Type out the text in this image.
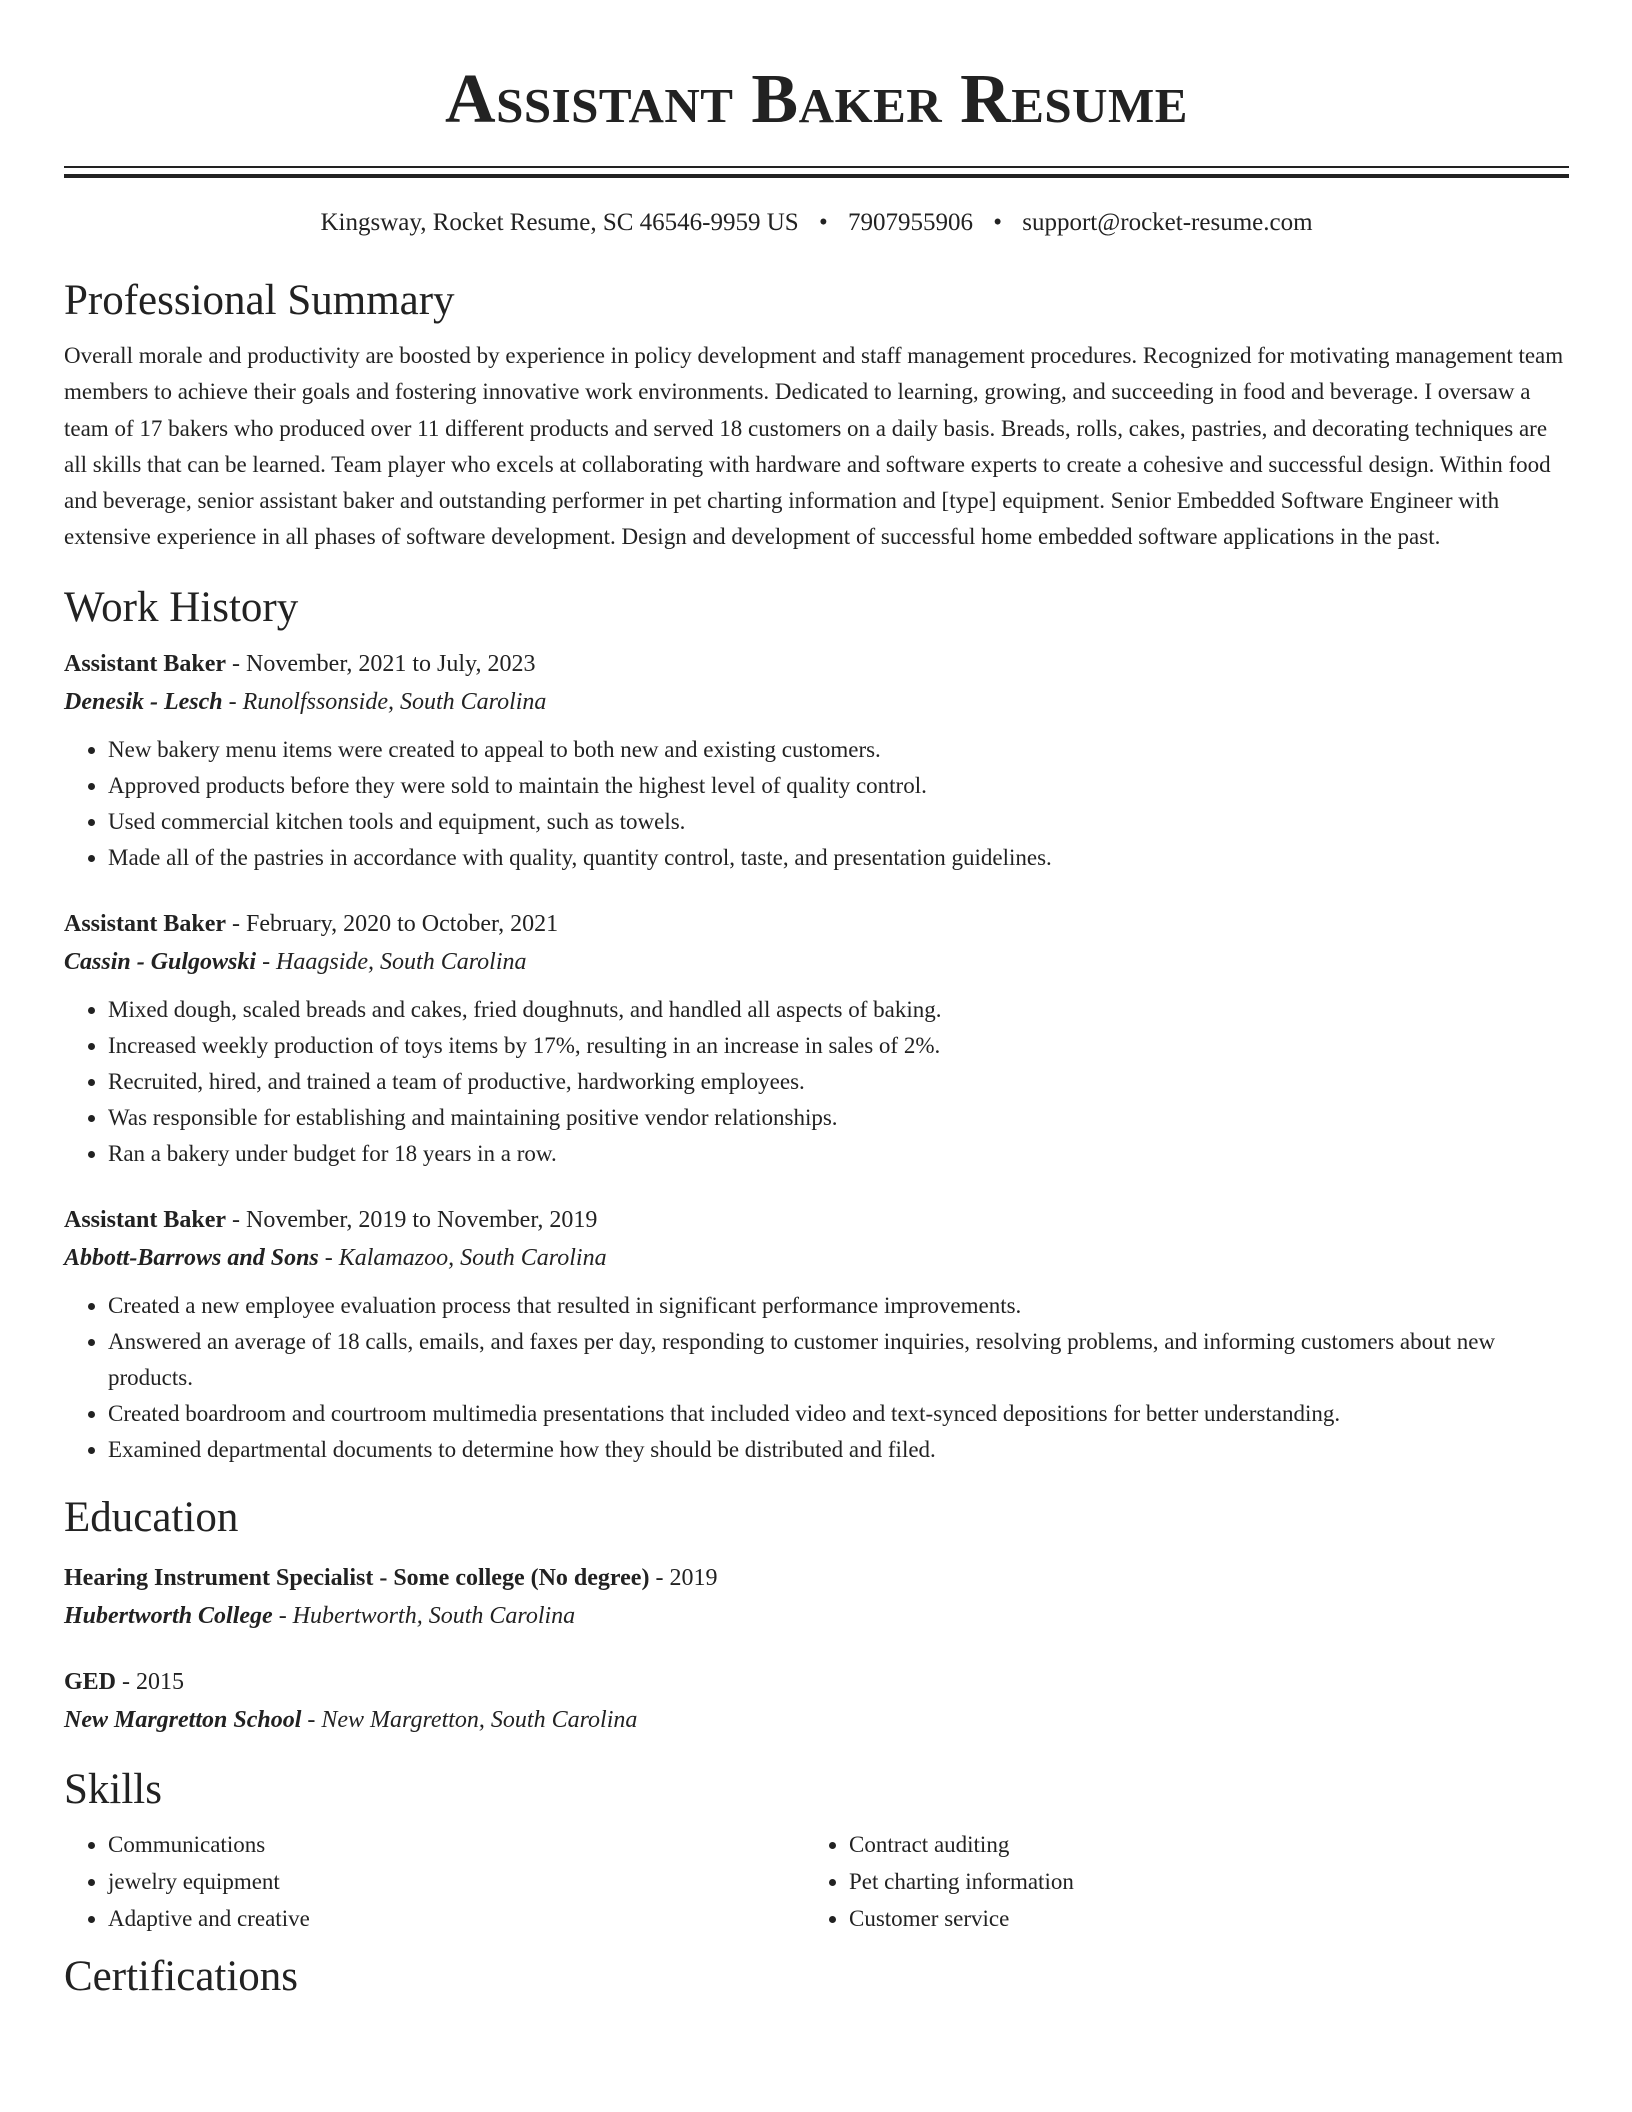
Assistant Baker Resume
Kingsway, Rocket Resume, SC 46546-9959 US • 7907955906 • support@rocket-resume.com
Professional Summary

Overall morale and productivity are boosted by experience in policy development and staff management procedures. Recognized for motivating management team members to achieve their goals and fostering innovative work environments. Dedicated to learning, growing, and succeeding in food and beverage. I oversaw a team of 17 bakers who produced over 11 different products and served 18 customers on a daily basis. Breads, rolls, cakes, pastries, and decorating techniques are all skills that can be learned. Team player who excels at collaborating with hardware and software experts to create a cohesive and successful design. Within food and beverage, senior assistant baker and outstanding performer in pet charting information and [type] equipment. Senior Embedded Software Engineer with extensive experience in all phases of software development. Design and development of successful home embedded software applications in the past.

Work History
Assistant Baker - November, 2021 to July, 2023
Denesik - Lesch - Runolfssonside, South Carolina
• New bakery menu items were created to appeal to both new and existing customers.
• Approved products before they were sold to maintain the highest level of quality control.
• Used commercial kitchen tools and equipment, such as towels.
• Made all of the pastries in accordance with quality, quantity control, taste, and presentation guidelines.
Assistant Baker - February, 2020 to October, 2021
Cassin - Gulgowski - Haagside, South Carolina
• Mixed dough, scaled breads and cakes, fried doughnuts, and handled all aspects of baking.
• Increased weekly production of toys items by 17%, resulting in an increase in sales of 2%.
• Recruited, hired, and trained a team of productive, hardworking employees.
• Was responsible for establishing and maintaining positive vendor relationships.
• Ran a bakery under budget for 18 years in a row.
Assistant Baker - November, 2019 to November, 2019
Abbott-Barrows and Sons - Kalamazoo, South Carolina
• Created a new employee evaluation process that resulted in significant performance improvements.
• Answered an average of 18 calls, emails, and faxes per day, responding to customer inquiries, resolving problems, and informing customers about new products.
• Created boardroom and courtroom multimedia presentations that included video and text-synced depositions for better understanding.
• Examined departmental documents to determine how they should be distributed and filed.
Education
Hearing Instrument Specialist - Some college (No degree) - 2019
Hubertworth College - Hubertworth, South Carolina
GED - 2015
New Margretton School - New Margretton, South Carolina
Skills
• Communications
• jewelry equipment
• Adaptive and creative
• Contract auditing
• Pet charting information
• Customer service
Certifications
